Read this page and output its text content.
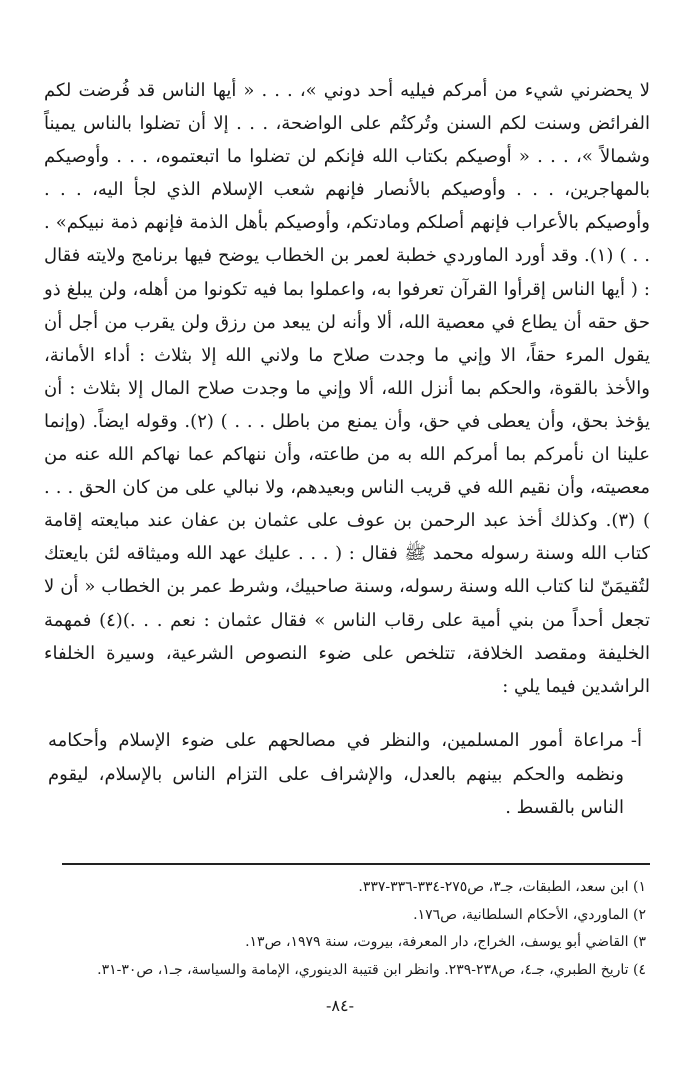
لا يحضرني شيء من أمركم فيليه أحد دوني »، . . . « أيها الناس قد فُرضت لكم الفرائض وسنت لكم السنن وتُركتُم على الواضحة، . . . إلا أن تضلوا بالناس يميناً وشمالاً »، . . . « أوصيكم بكتاب الله فإنكم لن تضلوا ما اتبعتموه، . . . وأوصيكم بالمهاجرين، . . . وأوصيكم بالأنصار فإنهم شعب الإسلام الذي لجأ اليه، . . . وأوصيكم بالأعراب فإنهم أصلكم ومادتكم، وأوصيكم بأهل الذمة فإنهم ذمة نبيكم» . . . ) (١). وقد أورد الماوردي خطبة لعمر بن الخطاب يوضح فيها برنامج ولايته فقال : ( أيها الناس إقرأوا القرآن تعرفوا به، واعملوا بما فيه تكونوا من أهله، ولن يبلغ ذو حق حقه أن يطاع في معصية الله، ألا وأنه لن يبعد من رزق ولن يقرب من أجل أن يقول المرء حقاً، الا وإني ما وجدت صلاح ما ولاني الله إلا بثلاث : أداء الأمانة، والأخذ بالقوة، والحكم بما أنزل الله، ألا وإني ما وجدت صلاح المال إلا بثلاث : أن يؤخذ بحق، وأن يعطى في حق، وأن يمنع من باطل . . . ) (٢). وقوله ايضاً. (وإنما علينا ان نأمركم بما أمركم الله به من طاعته، وأن ننهاكم عما نهاكم الله عنه من معصيته، وأن نقيم الله في قريب الناس وبعيدهم، ولا نبالي على من كان الحق . . . ) (٣). وكذلك أخذ عبد الرحمن بن عوف على عثمان بن عفان عند مبايعته إقامة كتاب الله وسنة رسوله محمد ﷺ فقال : ( . . . عليك عهد الله وميثاقه لئن بايعتك لتُقيمَنّ لنا كتاب الله وسنة رسوله، وسنة صاحبيك، وشرط عمر بن الخطاب « أن لا تجعل أحداً من بني أمية على رقاب الناس » فقال عثمان : نعم . . .)(٤) فمهمة الخليفة ومقصد الخلافة، تتلخص على ضوء النصوص الشرعية، وسيرة الخلفاء الراشدين فيما يلي :

أ-
مراعاة أمور المسلمين، والنظر في مصالحهم على ضوء الإسلام وأحكامه ونظمه والحكم بينهم بالعدل، والإشراف على التزام الناس بالإسلام، ليقوم الناس بالقسط .
١) ابن سعد، الطبقات، جـ٣، ص٢٧٥-٣٣٤-٣٣٦-٣٣٧.
٢) الماوردي، الأحكام السلطانية، ص١٧٦.
٣) القاضي أبو يوسف، الخراج، دار المعرفة، بيروت، سنة ١٩٧٩، ص١٣.
٤) تاريخ الطبري، جـ٤، ص٢٣٨-٢٣٩. وانظر ابن قتيبة الدينوري، الإمامة والسياسة، جـ١، ص٣٠-٣١.
-٨٤-
